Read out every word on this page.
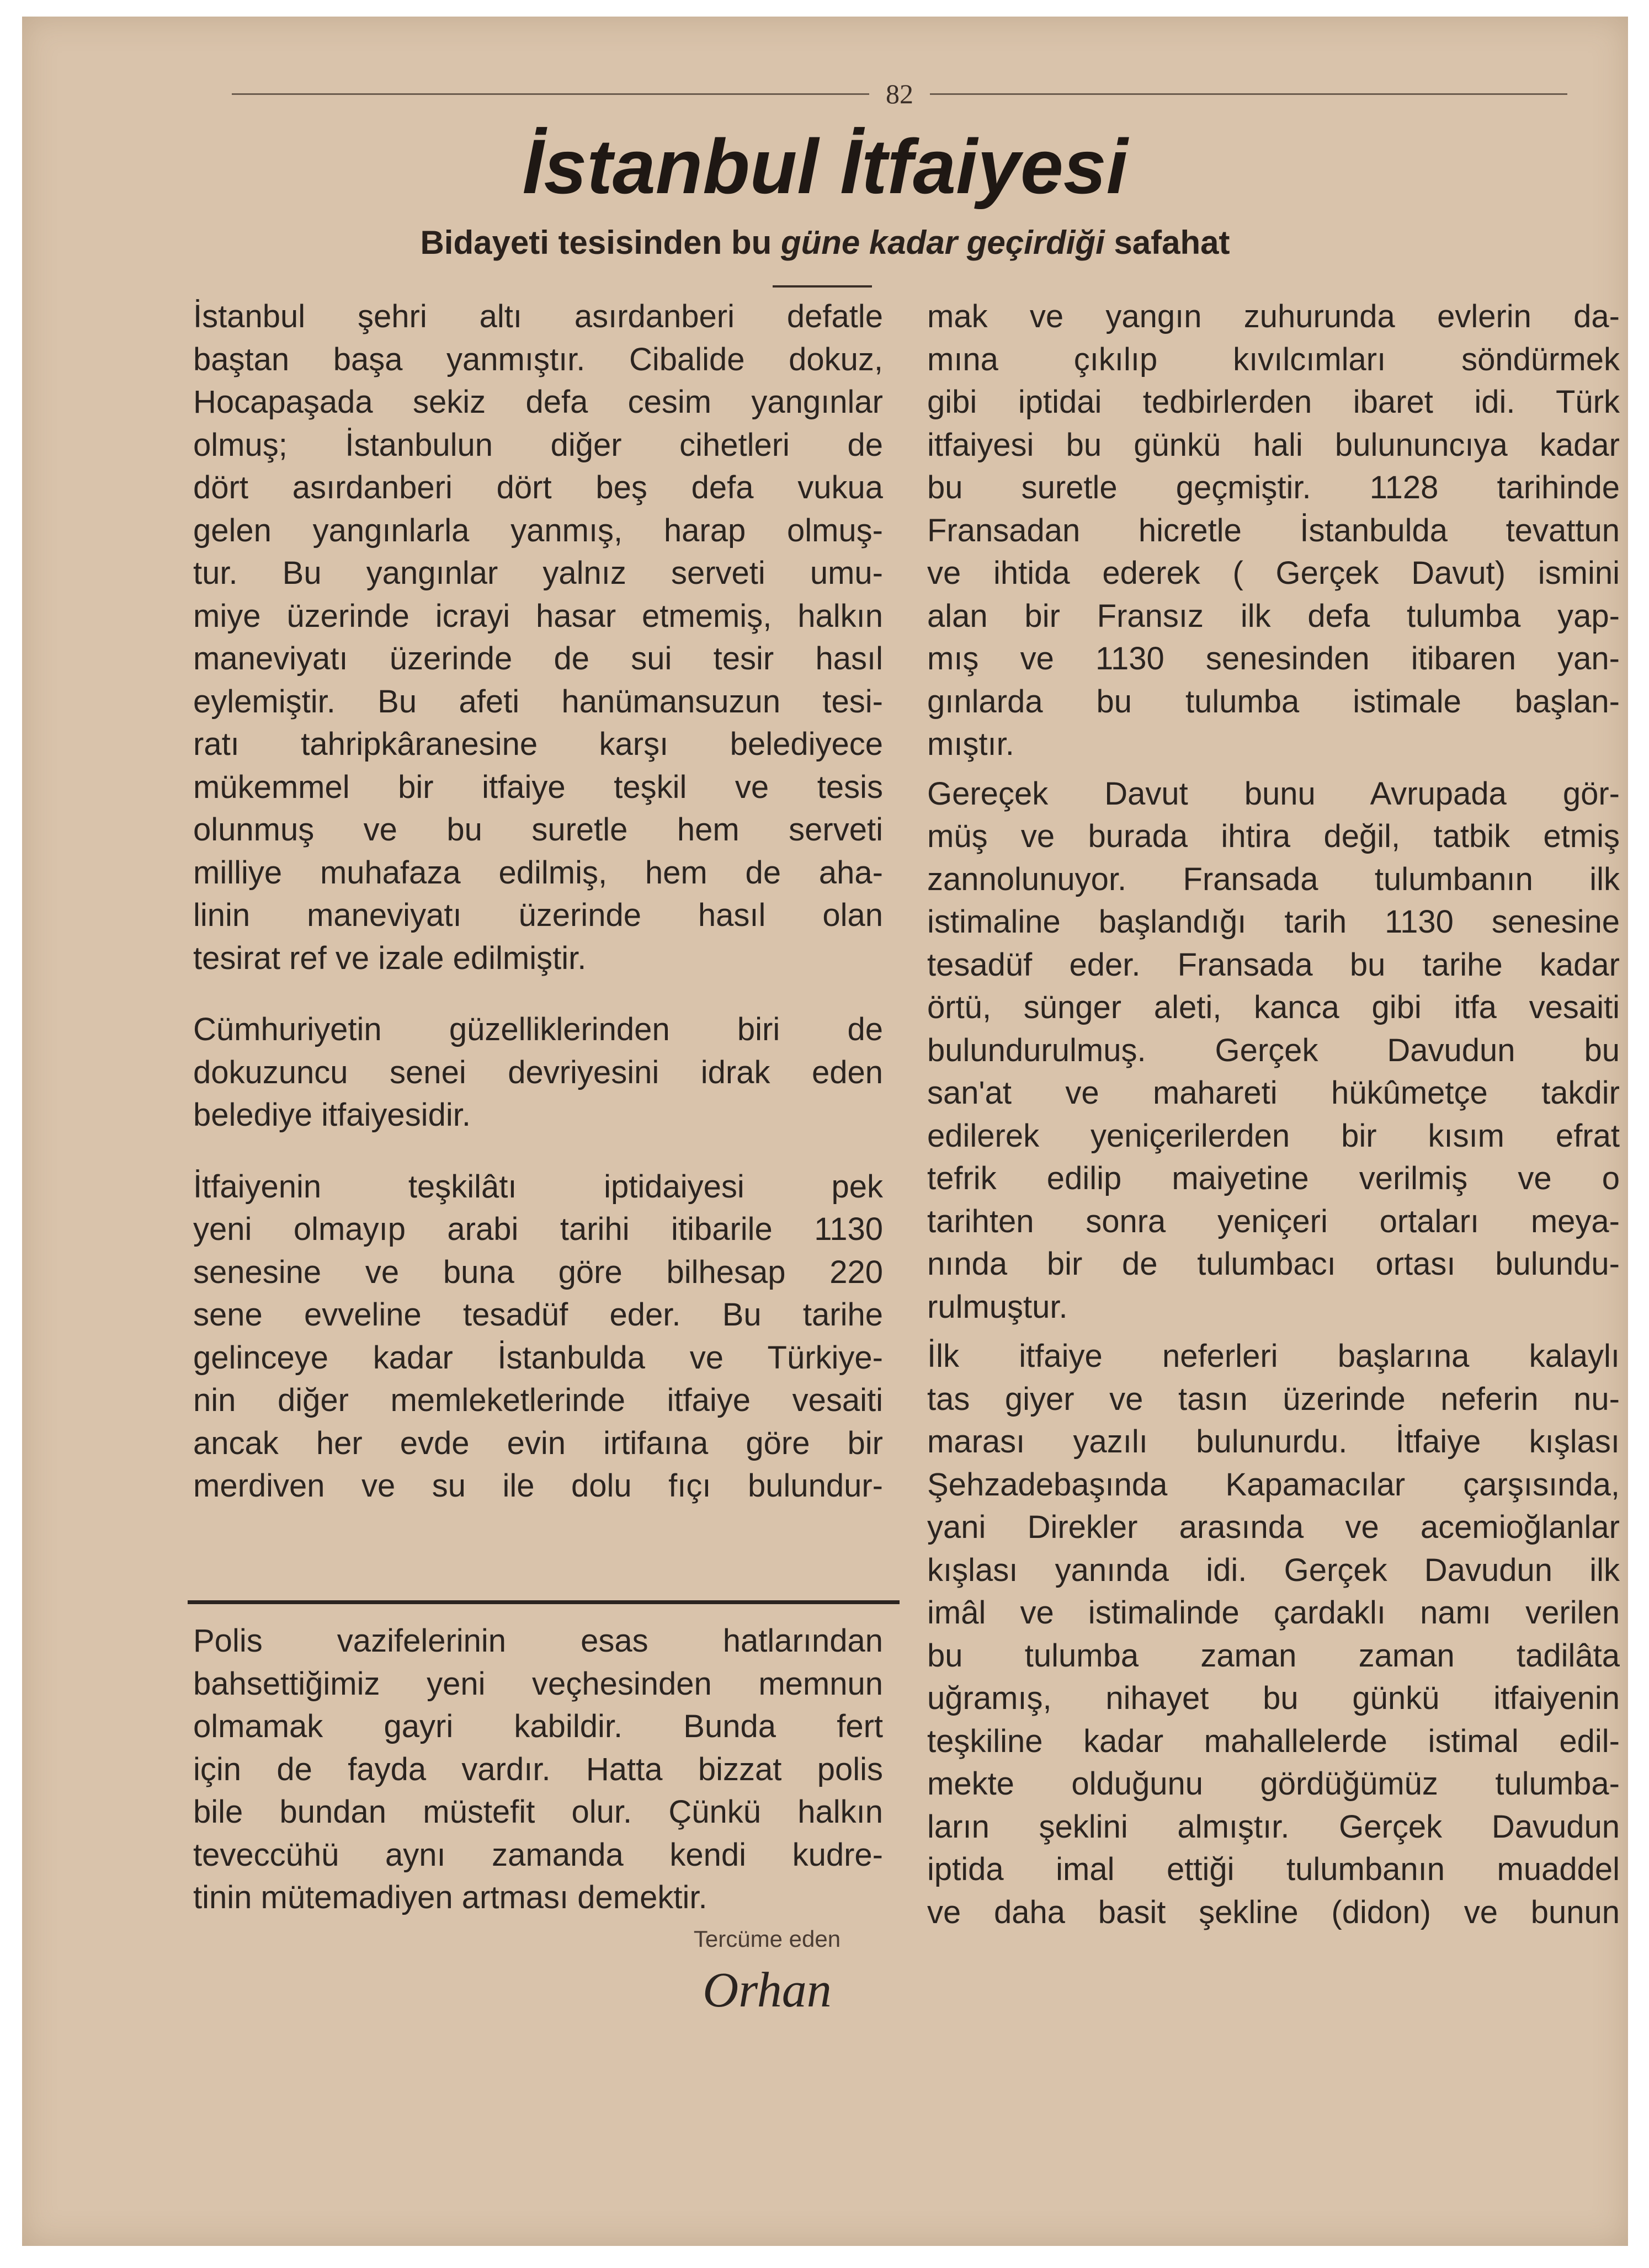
82
İstanbul İtfaiyesi
Bidayeti tesisinden bu güne kadar geçirdiği safahat

İstanbul şehri altı asırdanberi defatle
baştan başa yanmıştır. Cibalide dokuz,
Hocapaşada sekiz defa cesim yangınlar
olmuş; İstanbulun diğer cihetleri de
dört asırdanberi dört beş defa vukua
gelen yangınlarla yanmış, harap olmuş-
tur. Bu yangınlar yalnız serveti umu-
miye üzerinde icrayi hasar etmemiş, halkın
maneviyatı üzerinde de sui tesir hasıl
eylemiştir. Bu afeti hanümansuzun tesi-
ratı tahripkâranesine karşı belediyece
mükemmel bir itfaiye teşkil ve tesis
olunmuş ve bu suretle hem serveti
milliye muhafaza edilmiş, hem de aha-
linin maneviyatı üzerinde hasıl olan
tesirat ref ve izale edilmiştir.

Cümhuriyetin güzelliklerinden biri de
dokuzuncu senei devriyesini idrak eden
belediye itfaiyesidir.

İtfaiyenin teşkilâtı iptidaiyesi pek
yeni olmayıp arabi tarihi itibarile 1130
senesine ve buna göre bilhesap 220
sene evveline tesadüf eder. Bu tarihe
gelinceye kadar İstanbulda ve Türkiye-
nin diğer memleketlerinde itfaiye vesaiti
ancak her evde evin irtifaına göre bir
merdiven ve su ile dolu fıçı bulundur-

Polis vazifelerinin esas hatlarından
bahsettiğimiz yeni veçhesinden memnun
olmamak gayri kabildir. Bunda fert
için de fayda vardır. Hatta bizzat polis
bile bundan müstefit olur. Çünkü halkın
teveccühü aynı zamanda kendi kudre-
tinin mütemadiyen artması demektir.

Tercüme eden
Orhan

mak ve yangın zuhurunda evlerin da-
mına çıkılıp kıvılcımları söndürmek
gibi iptidai tedbirlerden ibaret idi. Türk
itfaiyesi bu günkü hali bulununcıya kadar
bu suretle geçmiştir. 1128 tarihinde
Fransadan hicretle İstanbulda tevattun
ve ihtida ederek ( Gerçek Davut) ismini
alan bir Fransız ilk defa tulumba yap-
mış ve 1130 senesinden itibaren yan-
gınlarda bu tulumba istimale başlan-
mıştır.

Gereçek Davut bunu Avrupada gör-
müş ve burada ihtira değil, tatbik etmiş
zannolunuyor. Fransada tulumbanın ilk
istimaline başlandığı tarih 1130 senesine
tesadüf eder. Fransada bu tarihe kadar
örtü, sünger aleti, kanca gibi itfa vesaiti
bulundurulmuş. Gerçek Davudun bu
san'at ve mahareti hükûmetçe takdir
edilerek yeniçerilerden bir kısım efrat
tefrik edilip maiyetine verilmiş ve o
tarihten sonra yeniçeri ortaları meya-
nında bir de tulumbacı ortası bulundu-
rulmuştur.

İlk itfaiye neferleri başlarına kalaylı
tas giyer ve tasın üzerinde neferin nu-
marası yazılı bulunurdu. İtfaiye kışlası
Şehzadebaşında Kapamacılar çarşısında,
yani Direkler arasında ve acemioğlanlar
kışlası yanında idi. Gerçek Davudun ilk
imâl ve istimalinde çardaklı namı verilen
bu tulumba zaman zaman tadilâta
uğramış, nihayet bu günkü itfaiyenin
teşkiline kadar mahallelerde istimal edil-
mekte olduğunu gördüğümüz tulumba-
ların şeklini almıştır. Gerçek Davudun
iptida imal ettiği tulumbanın muaddel
ve daha basit şekline (didon) ve bunun
